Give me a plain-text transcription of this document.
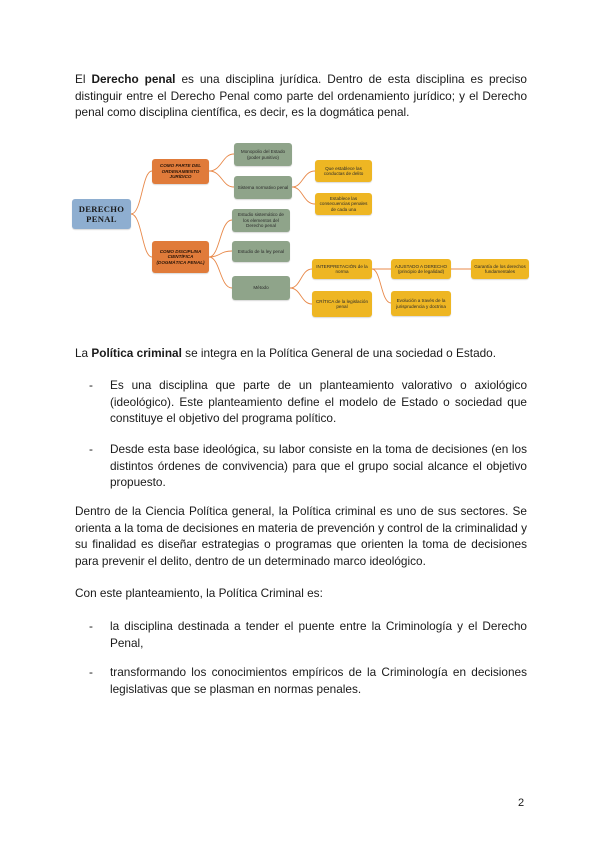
El Derecho penal es una disciplina jurídica. Dentro de esta disciplina es preciso distinguir entre el Derecho Penal como parte del ordenamiento jurídico; y el Derecho penal como disciplina científica, es decir, es la dogmática penal.

DERECHO PENAL
COMO PARTE DEL ORDENAMIENTO JURÍDICO
COMO DISCIPLINA CIENTÍFICA (DOGMÁTICA PENAL)
Monopolio del Estado (poder punitivo)
Sistema normativo penal
Que establece las conductas de delito
Establece las consecuencias penales de cada una
Estudio sistemático de los elementos del Derecho penal
Estudio de la ley penal
Método
INTERPRETACIÓN de la norma
CRÍTICA de la legislación penal
AJUSTADO A DERECHO (principio de legalidad)
Evolución a través de la jurisprudencia y doctrina
Garantía de los derechos fundamentales

La Política criminal se integra en la Política General de una sociedad o Estado.

- Es una disciplina que parte de un planteamiento valorativo o axiológico (ideológico). Este planteamiento define el modelo de Estado o sociedad que constituye el objetivo del programa político.
- Desde esta base ideológica, su labor consiste en la toma de decisiones (en los distintos órdenes de convivencia) para que el grupo social alcance el objetivo propuesto.

Dentro de la Ciencia Política general, la Política criminal es uno de sus sectores. Se orienta a la toma de decisiones en materia de prevención y control de la criminalidad y su finalidad es diseñar estrategias o programas que orienten la toma de decisiones para prevenir el delito, dentro de un determinado marco ideológico.

Con este planteamiento, la Política Criminal es:

- la disciplina destinada a tender el puente entre la Criminología y el Derecho Penal,
- transformando los conocimientos empíricos de la Criminología en decisiones legislativas que se plasman en normas penales.
2
